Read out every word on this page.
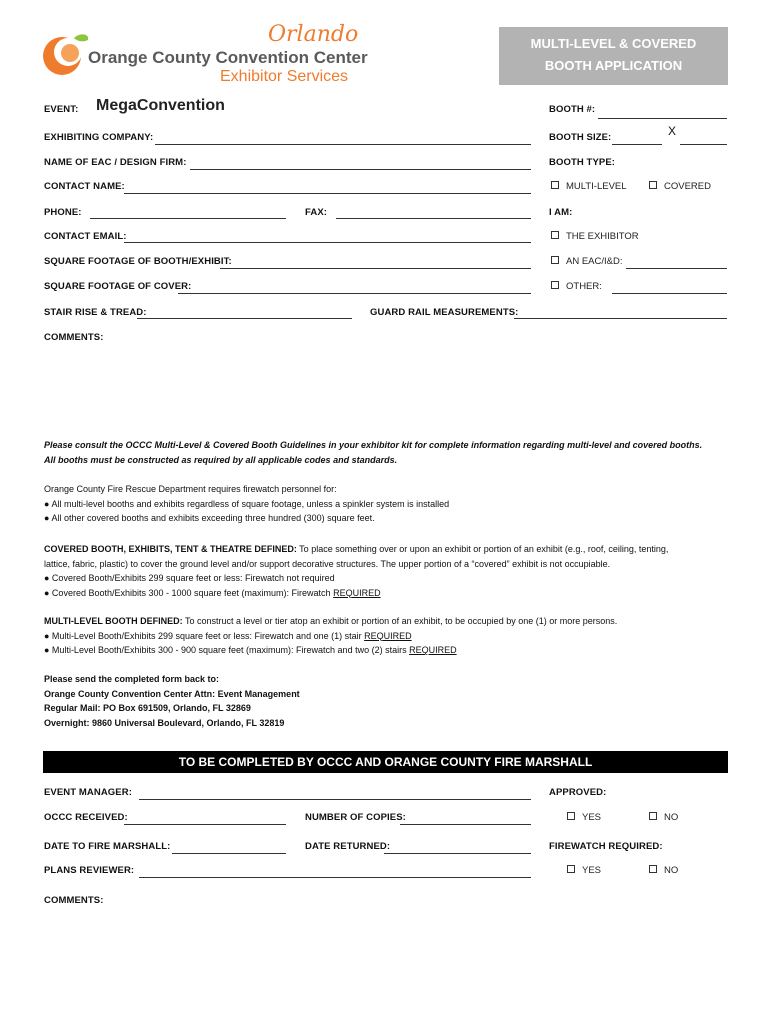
Orlando
Orange County Convention Center
Exhibitor Services
MULTI-LEVEL & COVERED
BOOTH APPLICATION
EVENT: MegaConvention	BOOTH #:
EXHIBITING COMPANY:	BOOTH SIZE:	X
NAME OF EAC / DESIGN FIRM:	BOOTH TYPE:
CONTACT NAME:	MULTI-LEVEL	COVERED
PHONE:	FAX:	I AM:
CONTACT EMAIL:	THE EXHIBITOR
SQUARE FOOTAGE OF BOOTH/EXHIBIT:	AN EAC/I&D:
SQUARE FOOTAGE OF COVER:	OTHER:
STAIR RISE & TREAD:	GUARD RAIL MEASUREMENTS:
COMMENTS:
Please consult the OCCC Multi-Level & Covered Booth Guidelines in your exhibitor kit for complete information regarding multi-level and covered booths.
All booths must be constructed as required by all applicable codes and standards.
Orange County Fire Rescue Department requires firewatch personnel for:
● All multi-level booths and exhibits regardless of square footage, unless a spinkler system is installed
● All other covered booths and exhibits exceeding three hundred (300) square feet.
COVERED BOOTH, EXHIBITS, TENT & THEATRE DEFINED: To place something over or upon an exhibit or portion of an exhibit (e.g., roof, ceiling, tenting,
lattice, fabric, plastic) to cover the ground level and/or support decorative structures. The upper portion of a “covered” exhibit is not occupiable.
● Covered Booth/Exhibits 299 square feet or less: Firewatch not required
● Covered Booth/Exhibits 300 - 1000 square feet (maximum): Firewatch REQUIRED
MULTI-LEVEL BOOTH DEFINED: To construct a level or tier atop an exhibit or portion of an exhibit, to be occupied by one (1) or more persons.
● Multi-Level Booth/Exhibits 299 square feet or less: Firewatch and one (1) stair REQUIRED
● Multi-Level Booth/Exhibits 300 - 900 square feet (maximum): Firewatch and two (2) stairs REQUIRED
Please send the completed form back to:
Orange County Convention Center Attn: Event Management
Regular Mail: PO Box 691509, Orlando, FL 32869
Overnight: 9860 Universal Boulevard, Orlando, FL 32819
TO BE COMPLETED BY OCCC AND ORANGE COUNTY FIRE MARSHALL
EVENT MANAGER:	APPROVED:
OCCC RECEIVED:	NUMBER OF COPIES:	YES	NO
DATE TO FIRE MARSHALL:	DATE RETURNED:	FIREWATCH REQUIRED:
PLANS REVIEWER:	YES	NO
COMMENTS:
